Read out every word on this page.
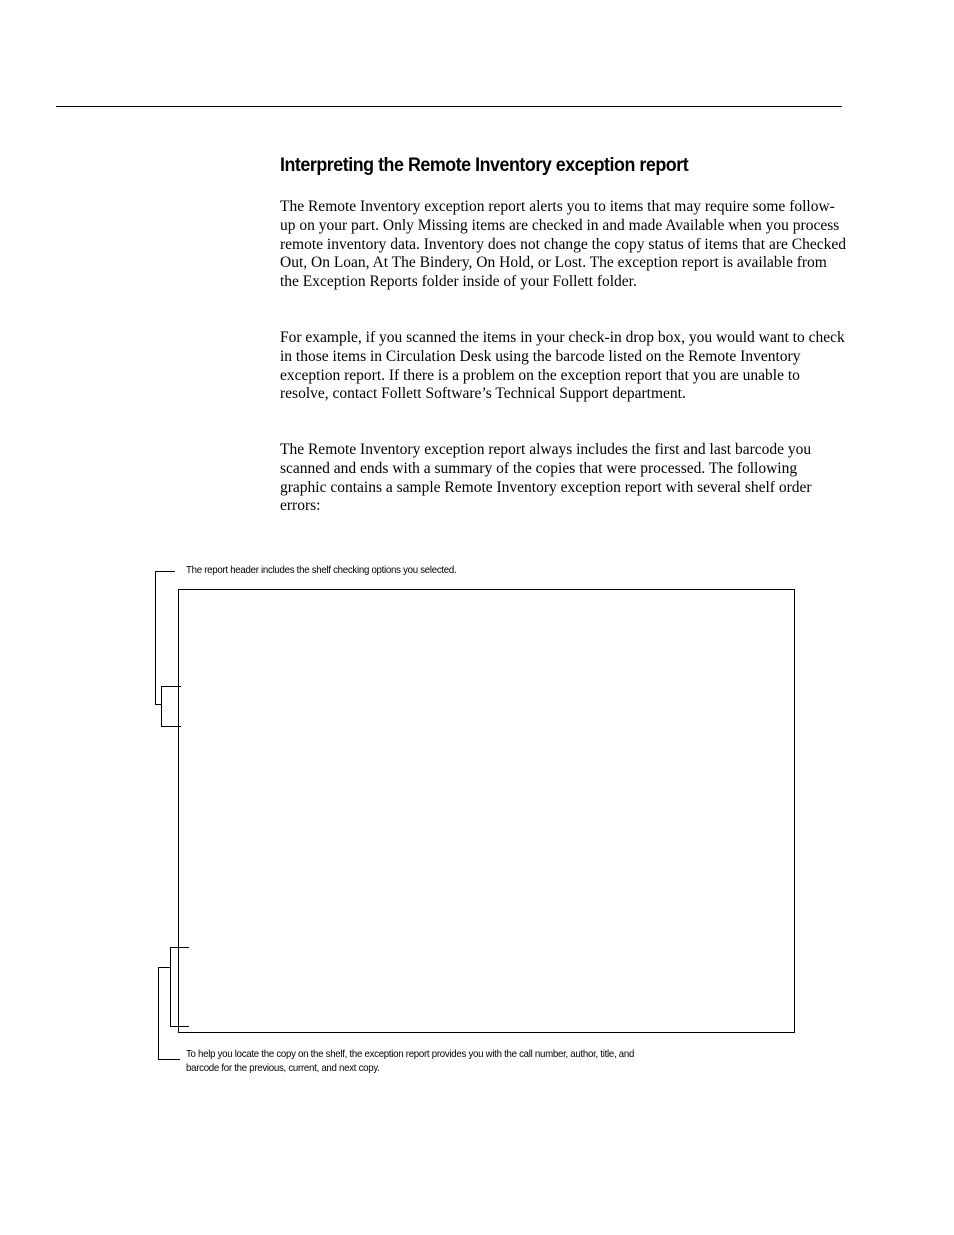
Interpreting the Remote Inventory exception report

The Remote Inventory exception report alerts you to items that may require some follow-up on your part. Only Missing items are checked in and made Available when you process remote inventory data. Inventory does not change the copy status of items that are Checked Out, On Loan, At The Bindery, On Hold, or Lost. The exception report is available from the Exception Reports folder inside of your Follett folder.

For example, if you scanned the items in your check-in drop box, you would want to check in those items in Circulation Desk using the barcode listed on the Remote Inventory exception report. If there is a problem on the exception report that you are unable to resolve, contact Follett Software’s Technical Support department.

The Remote Inventory exception report always includes the first and last barcode you scanned and ends with a summary of the copies that were processed. The following graphic contains a sample Remote Inventory exception report with several shelf order errors:

The report header includes the shelf checking options you selected.

To help you locate the copy on the shelf, the exception report provides you with the call number, author, title, and barcode for the previous, current, and next copy.
